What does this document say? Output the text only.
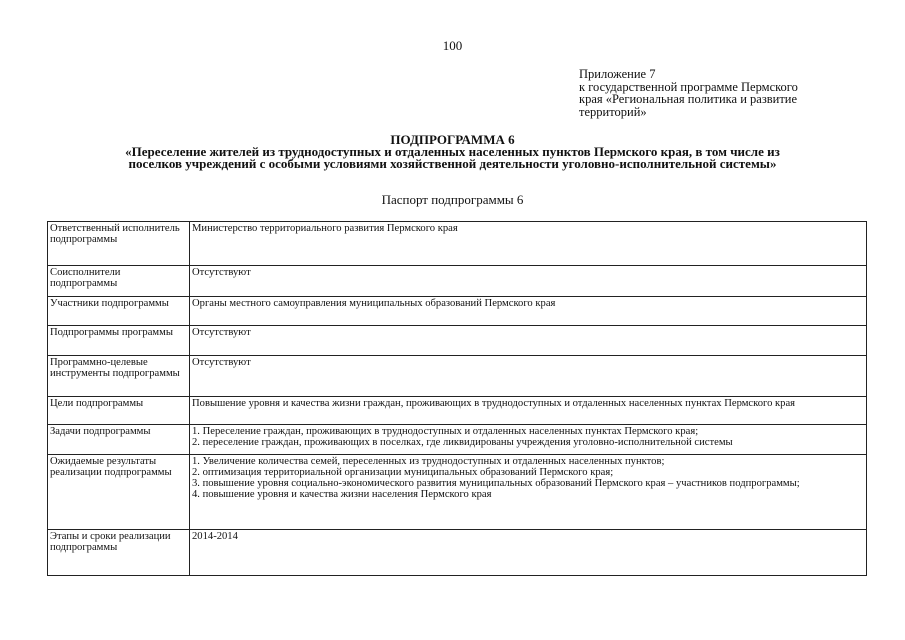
100
Приложение 7
к государственной программе Пермского
края «Региональная политика и развитие
территорий»
ПОДПРОГРАММА 6
«Переселение жителей из труднодоступных и отдаленных населенных пунктов Пермского края, в том числе из
поселков учреждений с особыми условиями хозяйственной деятельности уголовно-исполнительной системы»
Паспорт подпрограммы 6
Ответственный исполнитель подпрограммы	Министерство территориального развития Пермского края

Соисполнители подпрограммы	Отсутствуют

Участники подпрограммы	Органы местного самоуправления муниципальных образований Пермского края

Подпрограммы программы	Отсутствуют

Программно-целевые инструменты подпрограммы	Отсутствуют

Цели подпрограммы	Повышение уровня и качества жизни граждан, проживающих в труднодоступных и отдаленных населенных пунктах Пермского края

Задачи подпрограммы	1. Переселение граждан, проживающих в труднодоступных и отдаленных населенных пунктах Пермского края;
2. переселение граждан, проживающих в поселках, где ликвидированы учреждения уголовно-исполнительной системы

Ожидаемые результаты реализации подпрограммы	1. Увеличение количества семей, переселенных из труднодоступных и отдаленных населенных пунктов;
2. оптимизация территориальной организации муниципальных образований Пермского края;
3. повышение уровня социально-экономического развития муниципальных образований Пермского края – участников подпрограммы;
4. повышение уровня и качества жизни населения Пермского края

Этапы и сроки реализации подпрограммы	2014-2014
